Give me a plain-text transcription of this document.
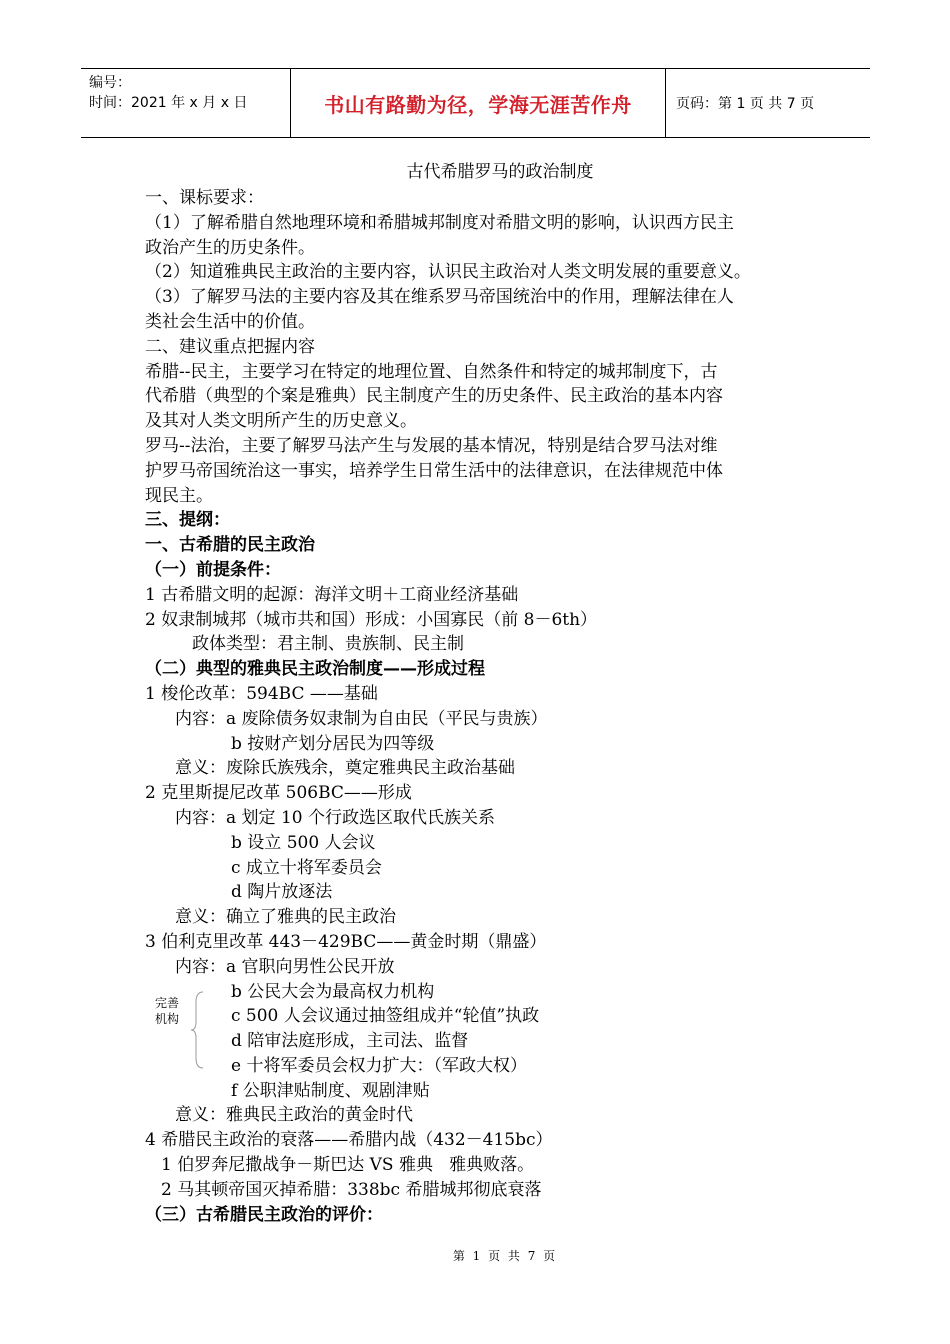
编号：
时间：2021 年 x 月 x 日	书山有路勤为径，学海无涯苦作舟	页码：第 1 页 共 7 页
古代希腊罗马的政治制度

一、课标要求：

（1）了解希腊自然地理环境和希腊城邦制度对希腊文明的影响，认识西方民主

政治产生的历史条件。

（2）知道雅典民主政治的主要内容，认识民主政治对人类文明发展的重要意义。

（3）了解罗马法的主要内容及其在维系罗马帝国统治中的作用，理解法律在人

类社会生活中的价值。

二、建议重点把握内容

希腊--民主，主要学习在特定的地理位置、自然条件和特定的城邦制度下，古

代希腊（典型的个案是雅典）民主制度产生的历史条件、民主政治的基本内容

及其对人类文明所产生的历史意义。

罗马--法治，主要了解罗马法产生与发展的基本情况，特别是结合罗马法对维

护罗马帝国统治这一事实，培养学生日常生活中的法律意识，在法律规范中体

现民主。

三、提纲：

一、古希腊的民主政治

（一）前提条件：

1 古希腊文明的起源：海洋文明＋工商业经济基础

2 奴隶制城邦（城市共和国）形成：小国寡民（前 8－6th）

政体类型：君主制、贵族制、民主制

（二）典型的雅典民主政治制度——形成过程

1 梭伦改革：594BC ——基础

内容：a 废除债务奴隶制为自由民（平民与贵族）

b 按财产划分居民为四等级

意义：废除氏族残余，奠定雅典民主政治基础

2 克里斯提尼改革 506BC——形成

内容：a 划定 10 个行政选区取代氏族关系

b 设立 500 人会议

c 成立十将军委员会

d 陶片放逐法

意义：确立了雅典的民主政治

3 伯利克里改革 443－429BC——黄金时期（鼎盛）

内容：a 官职向男性公民开放

b 公民大会为最高权力机构

c 500 人会议通过抽签组成并“轮值”执政

d 陪审法庭形成，主司法、监督

e 十将军委员会权力扩大：（军政大权）

f 公职津贴制度、观剧津贴

意义：雅典民主政治的黄金时代

4 希腊民主政治的衰落——希腊内战（432－415bc）

1 伯罗奔尼撒战争－斯巴达 VS 雅典   雅典败落。

2 马其顿帝国灭掉希腊：338bc 希腊城邦彻底衰落

（三）古希腊民主政治的评价：

完善
机构
第 1 页 共 7 页
